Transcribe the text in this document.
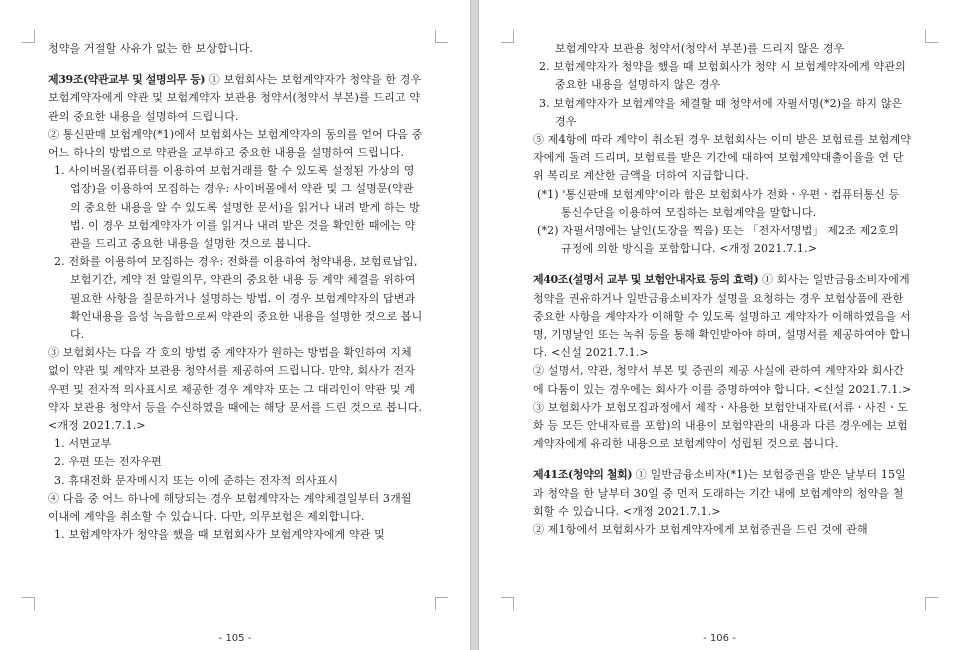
청약을 거절할 사유가 없는 한 보상합니다.

제39조(약관교부 및 설명의무 등) ① 보험회사는 보험계약자가 청약을 한 경우 보험계약자에게 약관 및 보험계약자 보관용 청약서(청약서 부본)를 드리고 약관의 중요한 내용을 설명하여 드립니다.

② 통신판매 보험계약(*1)에서 보험회사는 보험계약자의 동의를 얻어 다음 중 어느 하나의 방법으로 약관을 교부하고 중요한 내용을 설명하여 드립니다.

1. 사이버몰(컴퓨터를 이용하여 보험거래를 할 수 있도록 설정된 가상의 영업장)을 이용하여 모집하는 경우: 사이버몰에서 약관 및 그 설명문(약관의 중요한 내용을 알 수 있도록 설명한 문서)을 읽거나 내려 받게 하는 방법. 이 경우 보험계약자가 이를 읽거나 내려 받은 것을 확인한 때에는 약관을 드리고 중요한 내용을 설명한 것으로 봅니다.

2. 전화를 이용하여 모집하는 경우: 전화를 이용하여 청약내용, 보험료납입, 보험기간, 계약 전 알릴의무, 약관의 중요한 내용 등 계약 체결을 위하여 필요한 사항을 질문하거나 설명하는 방법. 이 경우 보험계약자의 답변과 확인내용을 음성 녹음함으로써 약관의 중요한 내용을 설명한 것으로 봅니다.

③ 보험회사는 다음 각 호의 방법 중 계약자가 원하는 방법을 확인하여 지체 없이 약관 및 계약자 보관용 청약서를 제공하여 드립니다. 만약, 회사가 전자우편 및 전자적 의사표시로 제공한 경우 계약자 또는 그 대리인이 약관 및 계약자 보관용 청약서 등을 수신하였을 때에는 해당 문서를 드린 것으로 봅니다. <개정 2021.7.1.>

1. 서면교부

2. 우편 또는 전자우편

3. 휴대전화 문자메시지 또는 이에 준하는 전자적 의사표시

④ 다음 중 어느 하나에 해당되는 경우 보험계약자는 계약체결일부터 3개월 이내에 계약을 취소할 수 있습니다. 다만, 의무보험은 제외합니다.

1. 보험계약자가 청약을 했을 때 보험회사가 보험계약자에게 약관 및

- 105 -

보험계약자 보관용 청약서(청약서 부본)를 드리지 않은 경우

2. 보험계약자가 청약을 했을 때 보험회사가 청약 시 보험계약자에게 약관의 중요한 내용을 설명하지 않은 경우

3. 보험계약자가 보험계약을 체결할 때 청약서에 자필서명(*2)을 하지 않은 경우

⑤ 제4항에 따라 계약이 취소된 경우 보험회사는 이미 받은 보험료를 보험계약자에게 돌려 드리며, 보험료를 받은 기간에 대하여 보험계약대출이율을 연 단위 복리로 계산한 금액을 더하여 지급합니다.

(*1) '통신판매 보험계약'이라 함은 보험회사가 전화ㆍ우편ㆍ컴퓨터통신 등 통신수단을 이용하여 모집하는 보험계약을 말합니다.

(*2) 자필서명에는 날인(도장을 찍음) 또는 「전자서명법」 제2조 제2호의 규정에 의한 방식을 포함합니다. <개정 2021.7.1.>

제40조(설명서 교부 및 보험안내자료 등의 효력) ① 회사는 일반금융소비자에게 청약을 권유하거나 일반금융소비자가 설명을 요청하는 경우 보험상품에 관한 중요한 사항을 계약자가 이해할 수 있도록 설명하고 계약자가 이해하였음을 서명, 기명날인 또는 녹취 등을 통해 확인받아야 하며, 설명서를 제공하여야 합니다. <신설 2021.7.1.>

② 설명서, 약관, 청약서 부본 및 증권의 제공 사실에 관하여 계약자와 회사간에 다툼이 있는 경우에는 회사가 이를 증명하여야 합니다. <신설 2021.7.1.>

③ 보험회사가 보험모집과정에서 제작ㆍ사용한 보험안내자료(서류ㆍ사진ㆍ도화 등 모든 안내자료를 포함)의 내용이 보험약관의 내용과 다른 경우에는 보험계약자에게 유리한 내용으로 보험계약이 성립된 것으로 봅니다.

제41조(청약의 철회) ① 일반금융소비자(*1)는 보험증권을 받은 날부터 15일과 청약을 한 날부터 30일 중 먼저 도래하는 기간 내에 보험계약의 청약을 철회할 수 있습니다. <개정 2021.7.1.>

② 제1항에서 보험회사가 보험계약자에게 보험증권을 드린 것에 관해

- 106 -
